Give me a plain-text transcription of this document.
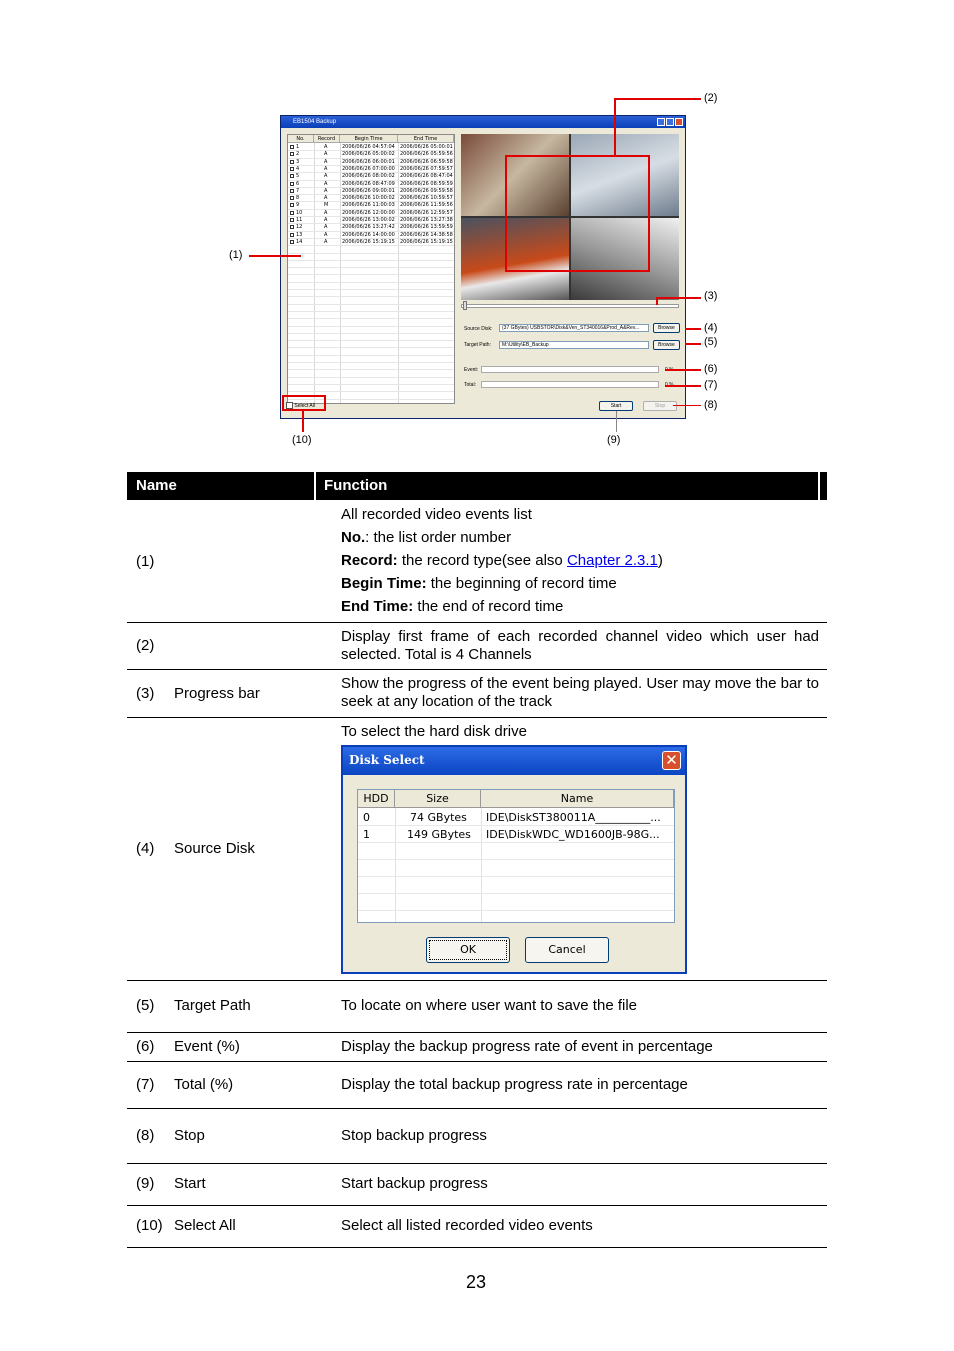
EB1504 Backup
No.	Record	Begin Time	End Time
1	A	2006/06/26 04:57:04 2006/06/26 05:00:01
2	A	2006/06/26 05:00:02 2006/06/26 05:59:56
3	A	2006/06/26 06:00:01 2006/06/26 06:59:58
4	A	2006/06/26 07:00:00 2006/06/26 07:59:57
5	A	2006/06/26 08:00:02 2006/06/26 08:47:04
6	A	2006/06/26 08:47:09 2006/06/26 08:59:59
7	A	2006/06/26 09:00:01 2006/06/26 09:59:58
8	A	2006/06/26 10:00:02 2006/06/26 10:59:57
9	M	2006/06/26 11:00:03 2006/06/26 11:59:56
10	A	2006/06/26 12:00:00 2006/06/26 12:59:57
11	A	2006/06/26 13:00:02 2006/06/26 13:27:38
12	A	2006/06/26 13:27:42 2006/06/26 13:59:59
13	A	2006/06/26 14:00:00 2006/06/26 14:38:58
14	A	2006/06/26 15:19:15 2006/06/26 15:19:15
Source Disk:	(37 GBytes) USBSTOR\Disk&Ven_ST340016&Prod_A&Rev...	Browse
Target Path:	M:\Utility\EB_Backup	Browse
Event:
Total:
Select All	Start	Stop
(1)
(2)
(3)
(4)
(5)
(6)
(7)
(8)
(9)
(10)
Name	Function
(1)
All recorded video events list
No.: the list order number
Record: the record type(see also Chapter 2.3.1)
Begin Time: the beginning of record time
End Time: the end of record time
(2)
Display first frame of each recorded channel video which user had selected. Total is 4 Channels
(3) Progress bar
Show the progress of the event being played. User may move the bar to seek at any location of the track
(4) Source Disk
To select the hard disk drive
Disk Select	✕
HDD	Size	Name
0	74 GBytes IDE\DiskST380011A__________...
1	149 GBytes IDE\DiskWDC_WD1600JB-98G...
OK	Cancel
(5) Target Path	To locate on where user want to save the file
(6) Event (%)	Display the backup progress rate of event in percentage
(7) Total (%)	Display the total backup progress rate in percentage
(8) Stop	Stop backup progress
(9) Start	Start backup progress
(10) Select All	Select all listed recorded video events
23
